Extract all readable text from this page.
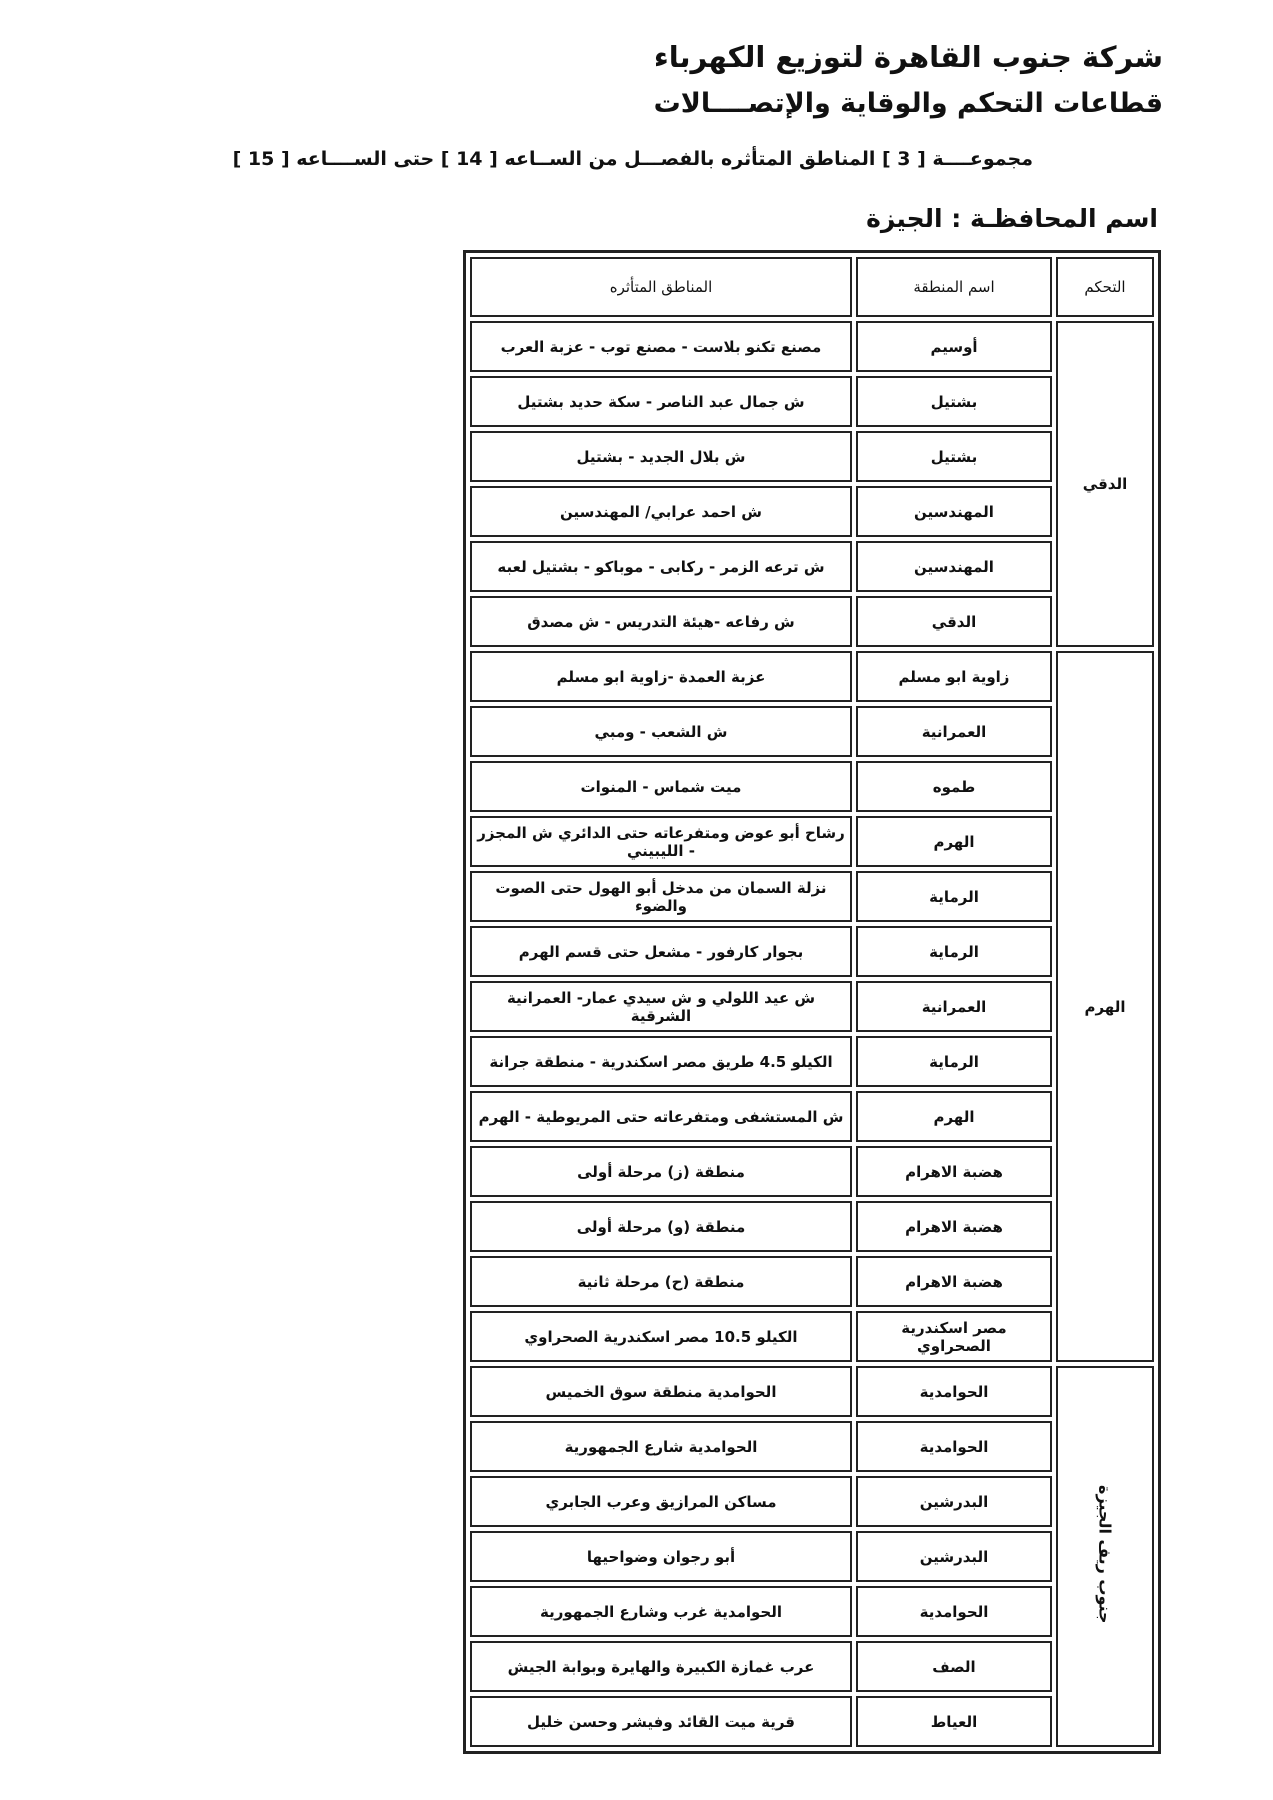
شركة جنوب القاهرة لتوزيع الكهرباء
قطاعات التحكم والوقاية والإتصــــالات
مجموعــــة [ 3 ] المناطق المتأثره بالفصـــل من الســاعه [ 14 ] حتى الســــاعه [ 15 ]
اسم المحافظـة : الجيزة
التحكم	اسم المنطقة	المناطق المتأثره
الدقي	أوسيم	مصنع تكنو بلاست - مصنع توب - عزبة العرب
	بشتيل	ش جمال عبد الناصر - سكة حديد بشتيل
	بشتيل	ش بلال الجديد - بشتيل
	المهندسين	ش احمد عرابي/ المهندسين
	المهندسين	ش ترعه الزمر - ركابى - موباكو - بشتيل لعبه
	الدقي	ش رفاعه -هيئة التدريس - ش مصدق
الهرم	زاوية ابو مسلم	عزبة العمدة -زاوية ابو مسلم
	العمرانية	ش الشعب - ومبي
	طموه	ميت شماس - المنوات
	الهرم	رشاح أبو عوض ومتفرعاته حتى الدائري ش المجزر - الليبيني
	الرماية	نزلة السمان من مدخل أبو الهول حتى الصوت والضوء
	الرماية	بجوار كارفور - مشعل حتى قسم الهرم
	العمرانية	ش عيد اللولي و ش سيدي عمار- العمرانية الشرقية
	الرماية	الكيلو 4.5 طريق مصر اسكندرية - منطقة جرانة
	الهرم	ش المستشفى ومتفرعاته حتى المريوطية - الهرم
	هضبة الاهرام	منطقة (ز) مرحلة أولى
	هضبة الاهرام	منطقة (و) مرحلة أولى
	هضبة الاهرام	منطقة (ح) مرحلة ثانية
	مصر اسكندرية الصحراوي	الكيلو 10.5 مصر اسكندرية الصحراوي
جنوب ريف الجيزة	الحوامدية	الحوامدية منطقة سوق الخميس
	الحوامدية	الحوامدية شارع الجمهورية
	البدرشين	مساكن المرازيق وعرب الجابري
	البدرشين	أبو رجوان وضواحيها
	الحوامدية	الحوامدية غرب وشارع الجمهورية
	الصف	عرب غمازة الكبيرة والهايرة وبوابة الجيش
	العياط	قرية ميت القائد وفيشر وحسن خليل
